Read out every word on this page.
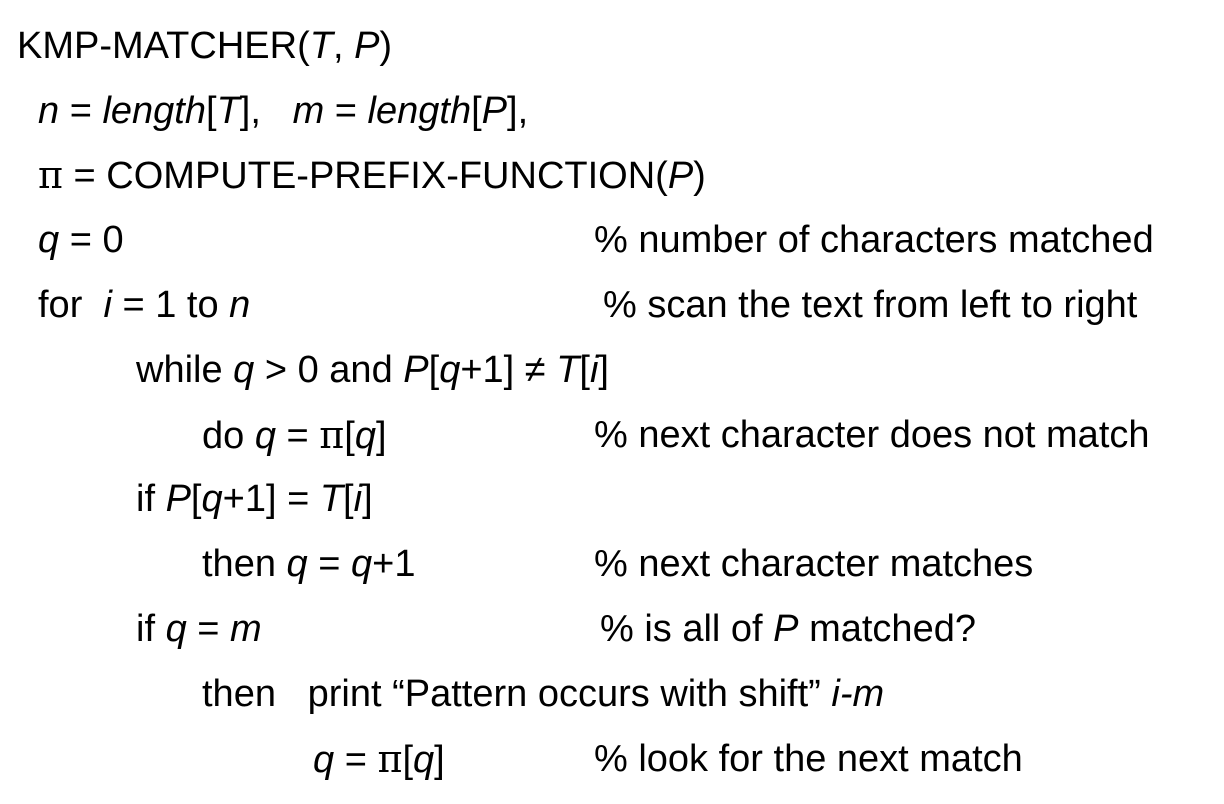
KMP-MATCHER(T, P)
n = length[T],   m = length[P],
π = COMPUTE-PREFIX-FUNCTION(P)
q = 0	% number of characters matched
for  i = 1 to n	% scan the text from left to right
while q > 0 and P[q+1] ≠ T[i]
do q = π[q]	% next character does not match
if P[q+1] = T[i]
then q = q+1	% next character matches
if q = m	% is all of P matched?
then   print “Pattern occurs with shift” i-m
q = π[q]	% look for the next match
